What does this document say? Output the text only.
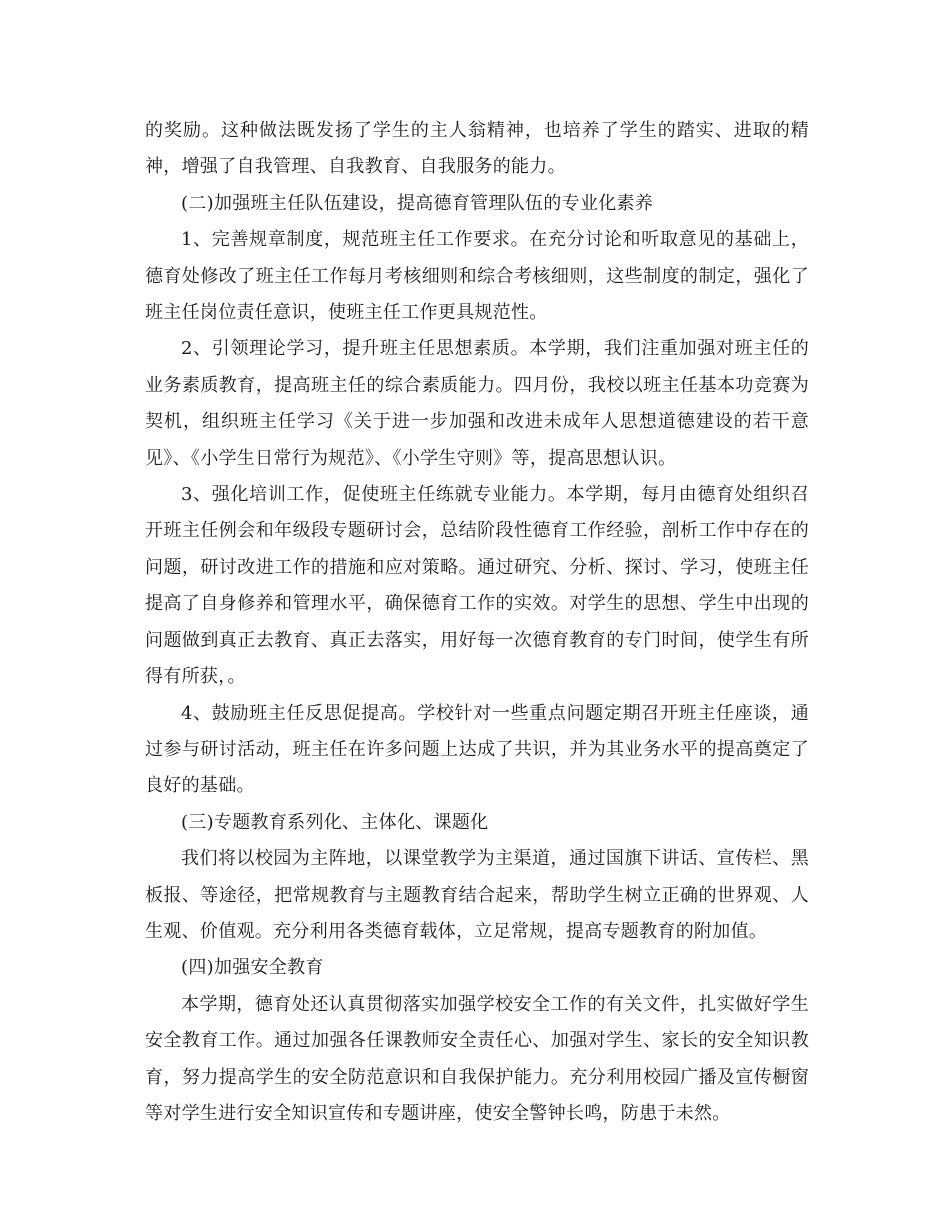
的奖励。这种做法既发扬了学生的主人翁精神，也培养了学生的踏实、进取的精神，增强了自我管理、自我教育、自我服务的能力。

(二)加强班主任队伍建设，提高德育管理队伍的专业化素养

1、完善规章制度，规范班主任工作要求。在充分讨论和听取意见的基础上，德育处修改了班主任工作每月考核细则和综合考核细则，这些制度的制定，强化了班主任岗位责任意识，使班主任工作更具规范性。

2、引领理论学习，提升班主任思想素质。本学期，我们注重加强对班主任的业务素质教育，提高班主任的综合素质能力。四月份，我校以班主任基本功竞赛为契机，组织班主任学习《关于进一步加强和改进未成年人思想道德建设的若干意见》、《小学生日常行为规范》、《小学生守则》等，提高思想认识。

3、强化培训工作，促使班主任练就专业能力。本学期，每月由德育处组织召开班主任例会和年级段专题研讨会，总结阶段性德育工作经验，剖析工作中存在的问题，研讨改进工作的措施和应对策略。通过研究、分析、探讨、学习，使班主任提高了自身修养和管理水平，确保德育工作的实效。对学生的思想、学生中出现的问题做到真正去教育、真正去落实，用好每一次德育教育的专门时间，使学生有所得有所获，。

4、鼓励班主任反思促提高。学校针对一些重点问题定期召开班主任座谈，通过参与研讨活动，班主任在许多问题上达成了共识，并为其业务水平的提高奠定了良好的基础。

(三)专题教育系列化、主体化、课题化

我们将以校园为主阵地，以课堂教学为主渠道，通过国旗下讲话、宣传栏、黑板报、等途径，把常规教育与主题教育结合起来，帮助学生树立正确的世界观、人生观、价值观。充分利用各类德育载体，立足常规，提高专题教育的附加值。

(四)加强安全教育

本学期，德育处还认真贯彻落实加强学校安全工作的有关文件，扎实做好学生安全教育工作。通过加强各任课教师安全责任心、加强对学生、家长的安全知识教育，努力提高学生的安全防范意识和自我保护能力。充分利用校园广播及宣传橱窗等对学生进行安全知识宣传和专题讲座，使安全警钟长鸣，防患于未然。
